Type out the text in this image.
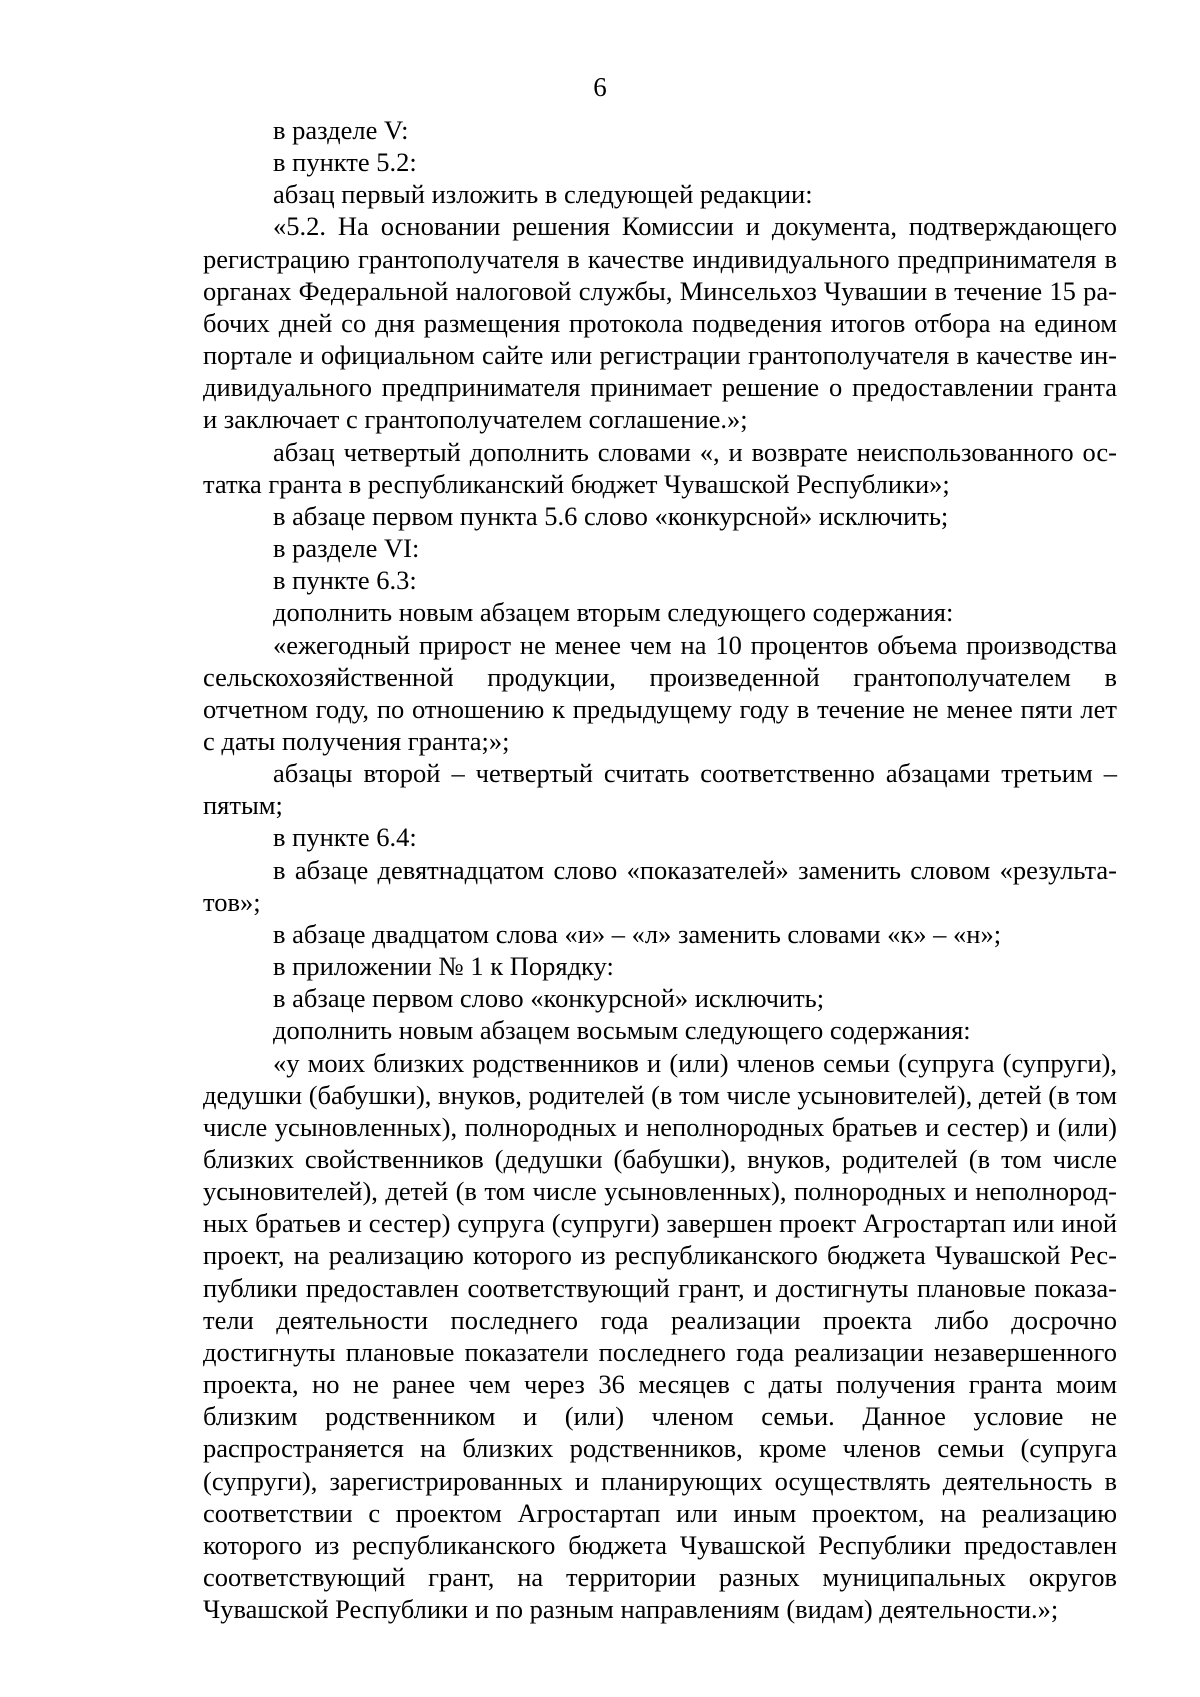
6

в разделе V:

в пункте 5.2:

абзац первый изложить в следующей редакции:

«5.2. На основании решения Комиссии и документа, подтверждающего регистрацию грантополучателя в качестве индивидуального предпринимателя в органах Федеральной налоговой службы, Минсельхоз Чувашии в течение 15 рабочих дней со дня размещения протокола подведения итогов отбора на едином портале и официальном сайте или регистрации грантополучателя в качестве индивидуального предпринимателя принимает решение о предоставлении гранта и заключает с грантополучателем соглашение.»;

абзац четвертый дополнить словами «, и возврате неиспользованного остатка гранта в республиканский бюджет Чувашской Республики»;

в абзаце первом пункта 5.6 слово «конкурсной» исключить;

в разделе VI:

в пункте 6.3:

дополнить новым абзацем вторым следующего содержания:

«ежегодный прирост не менее чем на 10 процентов объема производства сельскохозяйственной продукции, произведенной грантополучателем в отчетном году, по отношению к предыдущему году в течение не менее пяти лет с даты получения гранта;»;

абзацы второй – четвертый считать соответственно абзацами третьим – пятым;

в пункте 6.4:

в абзаце девятнадцатом слово «показателей» заменить словом «результатов»;

в абзаце двадцатом слова «и» – «л» заменить словами «к» – «н»;

в приложении № 1 к Порядку:

в абзаце первом слово «конкурсной» исключить;

дополнить новым абзацем восьмым следующего содержания:

«у моих близких родственников и (или) членов семьи (супруга (супруги), дедушки (бабушки), внуков, родителей (в том числе усыновителей), детей (в том числе усыновленных), полнородных и неполнородных братьев и сестер) и (или) близких свойственников (дедушки (бабушки), внуков, родителей (в том числе усыновителей), детей (в том числе усыновленных), полнородных и неполнородных братьев и сестер) супруга (супруги) завершен проект Агростартап или иной проект, на реализацию которого из республиканского бюджета Чувашской Республики предоставлен соответствующий грант, и достигнуты плановые показатели деятельности последнего года реализации проекта либо досрочно достигнуты плановые показатели последнего года реализации незавершенного проекта, но не ранее чем через 36 месяцев с даты получения гранта моим близким родственником и (или) членом семьи. Данное условие не распространяется на близких родственников, кроме членов семьи (супруга (супруги), зарегистрированных и планирующих осуществлять деятельность в соответствии с проектом Агростартап или иным проектом, на реализацию которого из республиканского бюджета Чувашской Республики предоставлен соответствующий грант, на территории разных муниципальных округов Чувашской Республики и по разным направлениям (видам) деятельности.»;
